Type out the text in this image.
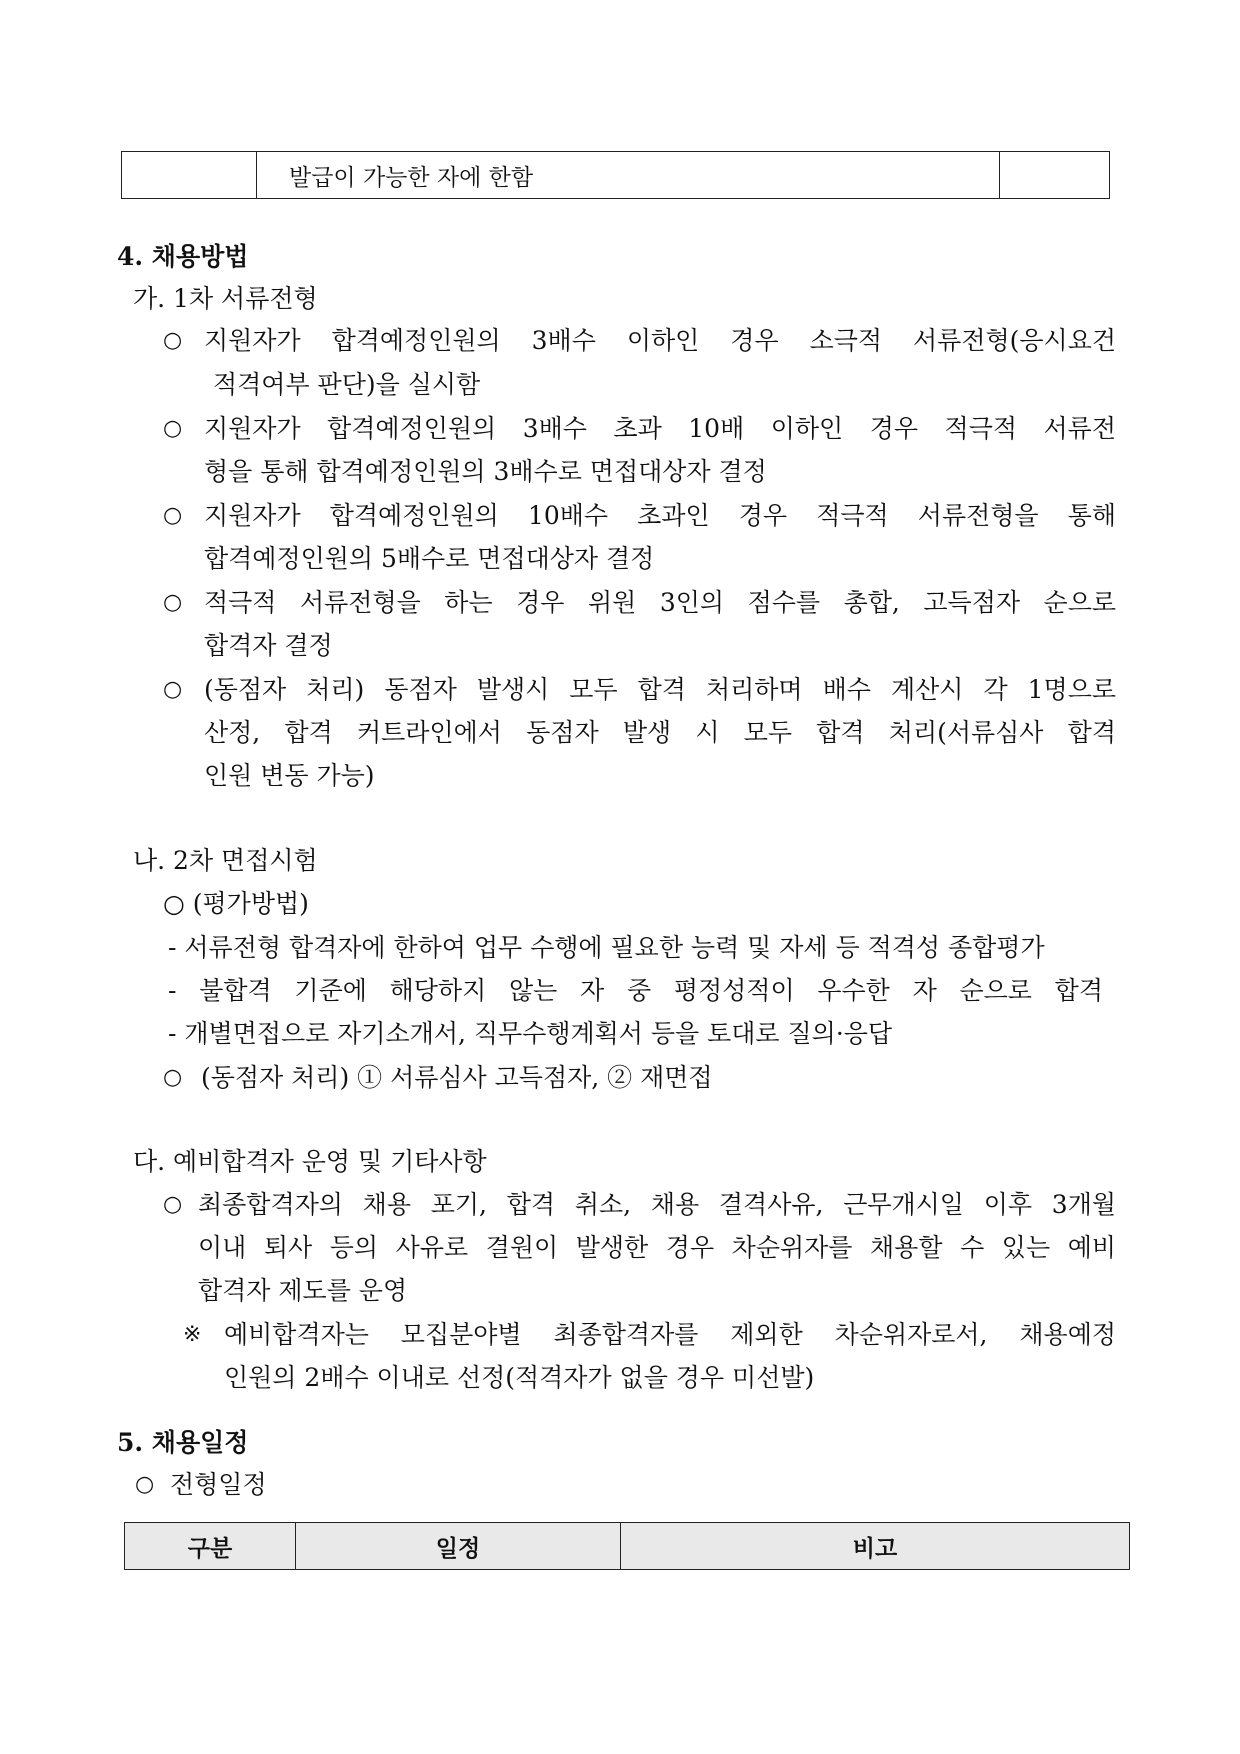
	발급이 가능한 자에 한함	
4. 채용방법
가. 1차 서류전형
○ 지원자가 합격예정인원의 3배수 이하인 경우 소극적 서류전형(응시요건
적격여부 판단)을 실시함
○ 지원자가 합격예정인원의 3배수 초과 10배 이하인 경우 적극적 서류전
형을 통해 합격예정인원의 3배수로 면접대상자 결정
○ 지원자가 합격예정인원의 10배수 초과인 경우 적극적 서류전형을 통해
합격예정인원의 5배수로 면접대상자 결정
○ 적극적 서류전형을 하는 경우 위원 3인의 점수를 총합, 고득점자 순으로
합격자 결정
○ (동점자 처리) 동점자 발생시 모두 합격 처리하며 배수 계산시 각 1명으로
산정, 합격 커트라인에서 동점자 발생 시 모두 합격 처리(서류심사 합격
인원 변동 가능)
나. 2차 면접시험
○ (평가방법)
- 서류전형 합격자에 한하여 업무 수행에 필요한 능력 및 자세 등 적격성 종합평가
- 불합격 기준에 해당하지 않는 자 중 평정성적이 우수한 자 순으로 합격
- 개별면접으로 자기소개서, 직무수행계획서 등을 토대로 질의·응답
○ (동점자 처리) ① 서류심사 고득점자, ② 재면접
다. 예비합격자 운영 및 기타사항
○ 최종합격자의 채용 포기, 합격 취소, 채용 결격사유, 근무개시일 이후 3개월
이내 퇴사 등의 사유로 결원이 발생한 경우 차순위자를 채용할 수 있는 예비
합격자 제도를 운영
※ 예비합격자는 모집분야별 최종합격자를 제외한 차순위자로서, 채용예정
인원의 2배수 이내로 선정(적격자가 없을 경우 미선발)
5. 채용일정
○ 전형일정
구분	일정	비고
